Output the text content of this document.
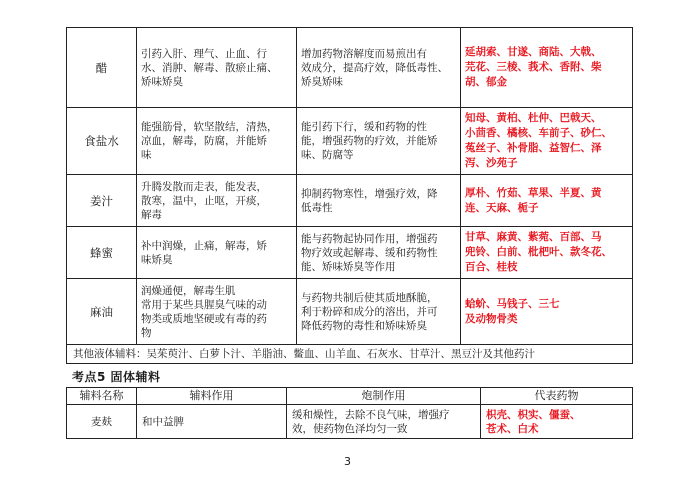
醋	引药入肝、理气、止血、行
水、消肿、解毒、散瘀止痛、
矫味矫臭	增加药物溶解度而易煎出有
效成分，提高疗效，降低毒性、
矫臭矫味	延胡索、甘遂、商陆、大戟、
芫花、三棱、莪术、香附、柴
胡、郁金

食盐水	能强筋骨，软坚散结，清热，
凉血，解毒，防腐，并能矫
味	能引药下行，缓和药物的性
能，增强药物的疗效，并能矫
味、防腐等	知母、黄柏、杜仲、巴戟天、
小茴香、橘核、车前子、砂仁、
菟丝子、补骨脂、益智仁、泽
泻、沙苑子

姜汁	升腾发散而走表，能发表，
散寒，温中，止呕，开痰，
解毒	抑制药物寒性，增强疗效，降
低毒性	厚朴、竹茹、草果、半夏、黄
连、天麻、栀子

蜂蜜	补中润燥，止痛，解毒，矫
味矫臭	能与药物起协同作用，增强药
物疗效或起解毒、缓和药物性
能、矫味矫臭等作用	甘草、麻黄、紫菀、百部、马
兜铃、白前、枇杷叶、款冬花、
百合、桂枝

麻油	润燥通便，解毒生肌
常用于某些具腥臭气味的动
物类或质地坚硬或有毒的药
物	与药物共制后使其质地酥脆，
利于粉碎和成分的溶出，并可
降低药物的毒性和矫味矫臭	蛤蚧、马钱子、三七
及动物骨类

其他液体辅料：吴茱萸汁、白萝卜汁、羊脂油、鳖血、山羊血、石灰水、甘草汁、黑豆汁及其他药汁			
考点5 固体辅料
辅料名称	辅料作用	炮制作用	代表药物
麦麸	和中益脾	缓和燥性，去除不良气味，增强疗
效，使药物色泽均匀一致	枳壳、枳实、僵蚕、
苍术、白术
3
